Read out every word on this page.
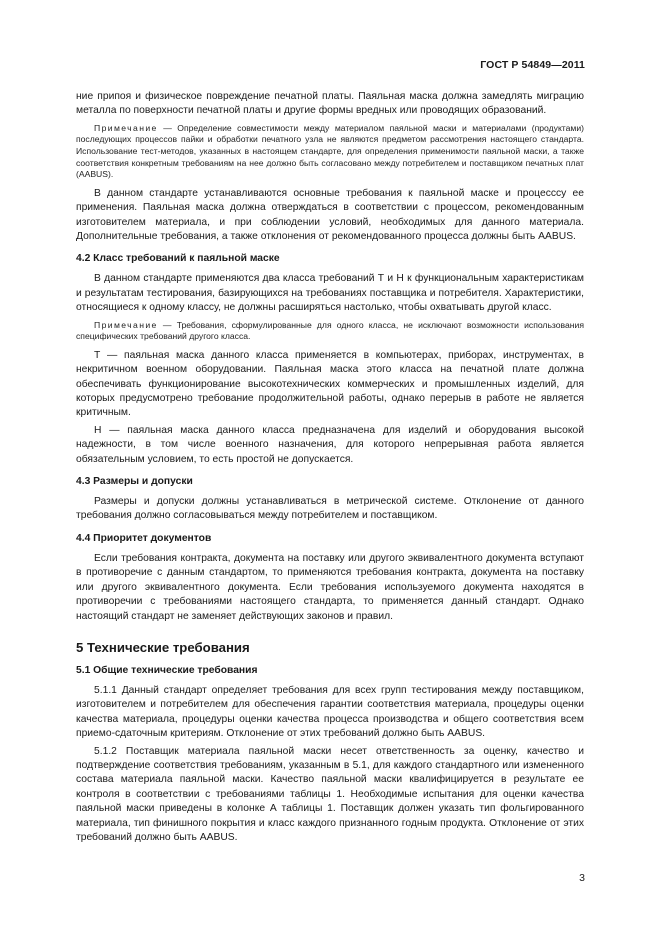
ГОСТ Р 54849—2011

ние припоя и физическое повреждение печатной платы. Паяльная маска должна замедлять миграцию металла по поверхности печатной платы и другие формы вредных или проводящих образований.

Примечание — Определение совместимости между материалом паяльной маски и материалами (продуктами) последующих процессов пайки и обработки печатного узла не являются предметом рассмотрения настоящего стандарта. Использование тест-методов, указанных в настоящем стандарте, для определения применимости паяльной маски, а также соответствия конкретным требованиям на нее должно быть согласовано между потребителем и поставщиком печатных плат (AABUS).

В данном стандарте устанавливаются основные требования к паяльной маске и процесссу ее применения. Паяльная маска должна отверждаться в соответствии с процессом, рекомендованным изготовителем материала, и при соблюдении условий, необходимых для данного материала. Дополнительные требования, а также отклонения от рекомендованного процесса должны быть AABUS.

4.2 Класс требований к паяльной маске

В данном стандарте применяются два класса требований Т и Н к функциональным характеристикам и результатам тестирования, базирующихся на требованиях поставщика и потребителя. Характеристики, относящиеся к одному классу, не должны расширяться настолько, чтобы охватывать другой класс.

Примечание — Требования, сформулированные для одного класса, не исключают возможности использования специфических требований другого класса.

Т — паяльная маска данного класса применяется в компьютерах, приборах, инструментах, в некритичном военном оборудовании. Паяльная маска этого класса на печатной плате должна обеспечивать функционирование высокотехнических коммерческих и промышленных изделий, для которых предусмотрено требование продолжительной работы, однако перерыв в работе не является критичным.

Н — паяльная маска данного класса предназначена для изделий и оборудования высокой надежности, в том числе военного назначения, для которого непрерывная работа является обязательным условием, то есть простой не допускается.

4.3 Размеры и допуски

Размеры и допуски должны устанавливаться в метрической системе. Отклонение от данного требования должно согласовываться между потребителем и поставщиком.

4.4 Приоритет документов

Если требования контракта, документа на поставку или другого эквивалентного документа вступают в противоречие с данным стандартом, то применяются требования контракта, документа на поставку или другого эквивалентного документа. Если требования используемого документа находятся в противоречии с требованиями настоящего стандарта, то применяется данный стандарт. Однако настоящий стандарт не заменяет действующих законов и правил.

5 Технические требования
5.1 Общие технические требования

5.1.1 Данный стандарт определяет требования для всех групп тестирования между поставщиком, изготовителем и потребителем для обеспечения гарантии соответствия материала, процедуры оценки качества материала, процедуры оценки качества процесса производства и общего соответствия всем приемо-сдаточным критериям. Отклонение от этих требований должно быть AABUS.

5.1.2 Поставщик материала паяльной маски несет ответственность за оценку, качество и подтверждение соответствия требованиям, указанным в 5.1, для каждого стандартного или измененного состава материала паяльной маски. Качество паяльной маски квалифицируется в результате ее контроля в соответствии с требованиями таблицы 1. Необходимые испытания для оценки качества паяльной маски приведены в колонке А таблицы 1. Поставщик должен указать тип фольгированного материала, тип финишного покрытия и класс каждого признанного годным продукта. Отклонение от этих требований должно быть AABUS.

3
